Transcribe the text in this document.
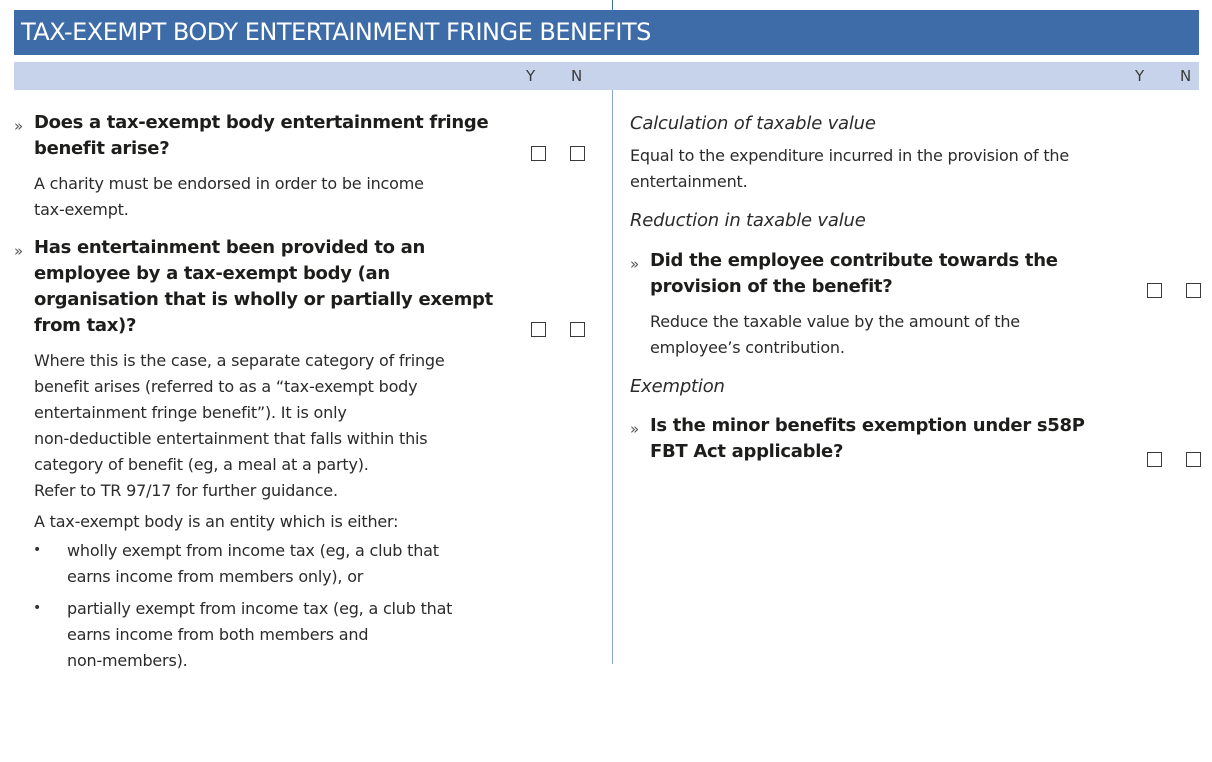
TAX-EXEMPT BODY ENTERTAINMENT FRINGE BENEFITS
Y N	Y N
» Does a tax-exempt body entertainment fringe
benefit arise?
A charity must be endorsed in order to be income
tax-exempt.
» Has entertainment been provided to an
employee by a tax-exempt body (an
organisation that is wholly or partially exempt
from tax)?
Where this is the case, a separate category of fringe
benefit arises (referred to as a “tax-exempt body
entertainment fringe benefit”). It is only
non-deductible entertainment that falls within this
category of benefit (eg, a meal at a party).
Refer to TR 97/17 for further guidance.
A tax-exempt body is an entity which is either:
• wholly exempt from income tax (eg, a club that
earns income from members only), or
• partially exempt from income tax (eg, a club that
earns income from both members and
non-members).
Calculation of taxable value
Equal to the expenditure incurred in the provision of the
entertainment.
Reduction in taxable value
» Did the employee contribute towards the
provision of the benefit?
Reduce the taxable value by the amount of the
employee’s contribution.
Exemption
» Is the minor benefits exemption under s58P
FBT Act applicable?
